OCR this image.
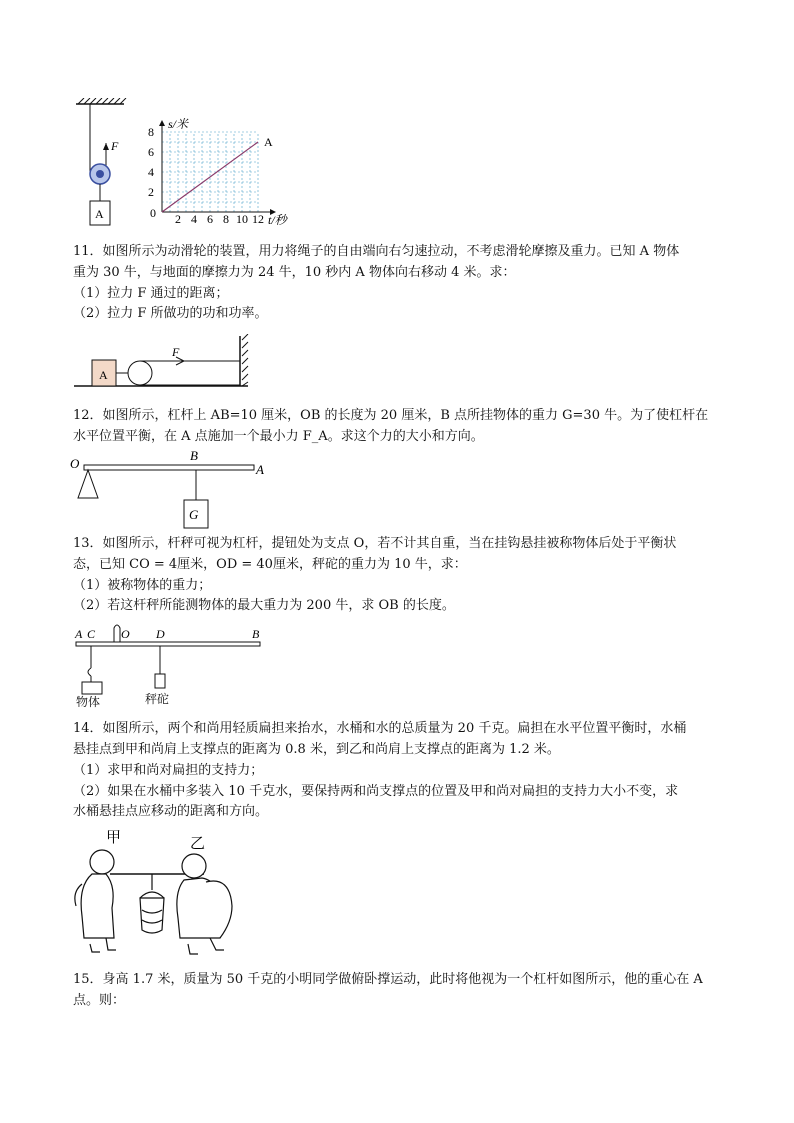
F
A
s/米
t/秒
0
2
4
6
8
2 4 6 8 10 12
A
11．如图所示为动滑轮的装置，用力将绳子的自由端向右匀速拉动，不考虑滑轮摩擦及重力。已知 A 物体
重为 30 牛，与地面的摩擦力为 24 牛，10 秒内 A 物体向右移动 4 米。求：
（1）拉力 F 通过的距离；
（2）拉力 F 所做功的功和功率。
A
F
12．如图所示，杠杆上 AB=10 厘米，OB 的长度为 20 厘米，B 点所挂物体的重力 G=30 牛。为了使杠杆在
水平位置平衡，在 A 点施加一个最小力 F_A。求这个力的大小和方向。
O
B
A
G
13．如图所示，杆秤可视为杠杆，提钮处为支点 O，若不计其自重，当在挂钩悬挂被称物体后处于平衡状
态，已知 CO = 4厘米，OD = 40厘米，秤砣的重力为 10 牛，求：
（1）被称物体的重力；
（2）若这杆秤所能测物体的最大重力为 200 牛，求 OB 的长度。
A C O D	B
物体	秤砣
14．如图所示，两个和尚用轻质扁担来抬水，水桶和水的总质量为 20 千克。扁担在水平位置平衡时，水桶
悬挂点到甲和尚肩上支撑点的距离为 0.8 米，到乙和尚肩上支撑点的距离为 1.2 米。
（1）求甲和尚对扁担的支持力；
（2）如果在水桶中多装入 10 千克水，要保持两和尚支撑点的位置及甲和尚对扁担的支持力大小不变，求
水桶悬挂点应移动的距离和方向。
甲	乙
15．身高 1.7 米，质量为 50 千克的小明同学做俯卧撑运动，此时将他视为一个杠杆如图所示，他的重心在 A
点。则：
